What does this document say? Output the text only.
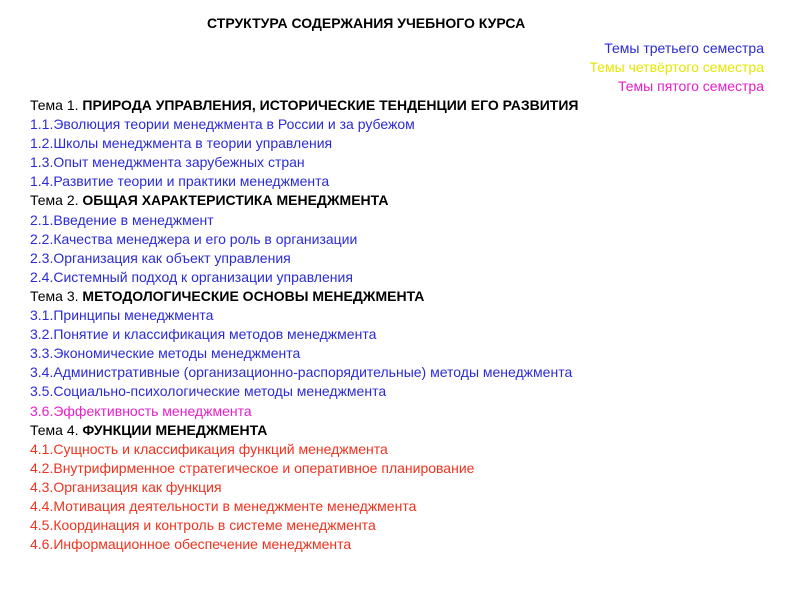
СТРУКТУРА СОДЕРЖАНИЯ УЧЕБНОГО КУРСА
Темы третьего семестра
Темы четвёртого семестра
Темы пятого семестра
Тема 1. ПРИРОДА УПРАВЛЕНИЯ, ИСТОРИЧЕСКИЕ ТЕНДЕНЦИИ ЕГО РАЗВИТИЯ
1.1.Эволюция теории менеджмента в России и за рубежом
1.2.Школы менеджмента в теории управления
1.3.Опыт менеджмента зарубежных стран
1.4.Развитие теории и практики менеджмента
Тема 2. ОБЩАЯ ХАРАКТЕРИСТИКА МЕНЕДЖМЕНТА
2.1.Введение в менеджмент
2.2.Качества менеджера и его роль в организации
2.3.Организация как объект управления
2.4.Системный подход к организации управления
Тема 3. МЕТОДОЛОГИЧЕСКИЕ ОСНОВЫ МЕНЕДЖМЕНТА
3.1.Принципы менеджмента
3.2.Понятие и классификация методов менеджмента
3.3.Экономические методы менеджмента
3.4.Административные (организационно-распорядительные) методы менеджмента
3.5.Социально-психологические методы менеджмента
3.6.Эффективность менеджмента
Тема 4. ФУНКЦИИ МЕНЕДЖМЕНТА
4.1.Сущность и классификация функций менеджмента
4.2.Внутрифирменное стратегическое и оперативное планирование
4.3.Организация как функция
4.4.Мотивация деятельности в менеджменте менеджмента
4.5.Координация и контроль в системе менеджмента
4.6.Информационное обеспечение менеджмента
